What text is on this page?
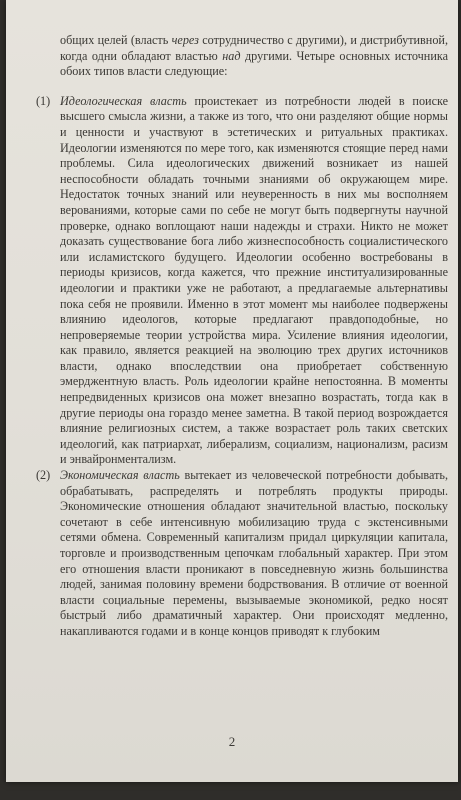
общих целей (власть через сотрудничество с другими), и дистрибутивной, когда одни обладают властью над другими. Четыре основных источника обоих типов власти следующие:

(1) Идеологическая власть проистекает из потребности людей в поиске высшего смысла жизни, а также из того, что они разделяют общие нормы и ценности и участвуют в эстетических и ритуальных практиках. Идеологии изменяются по мере того, как изменяются стоящие перед нами проблемы. Сила идеологических движений возникает из нашей неспособности обладать точными знаниями об окружающем мире. Недостаток точных знаний или неуверенность в них мы восполняем верованиями, которые сами по себе не могут быть подвергнуты научной проверке, однако воплощают наши надежды и страхи. Никто не может доказать существование бога либо жизнеспособность социалистического или исламистского будущего. Идеологии особенно востребованы в периоды кризисов, когда кажется, что прежние институализированные идеологии и практики уже не работают, а предлагаемые альтернативы пока себя не проявили. Именно в этот момент мы наиболее подвержены влиянию идеологов, которые предлагают правдоподобные, но непроверяемые теории устройства мира. Усиление влияния идеологии, как правило, является реакцией на эволюцию трех других источников власти, однако впоследствии она приобретает собственную эмерджентную власть. Роль идеологии крайне непостоянна. В моменты непредвиденных кризисов она может внезапно возрастать, тогда как в другие периоды она гораздо менее заметна. В такой период возрождается влияние религиозных систем, а также возрастает роль таких светских идеологий, как патриархат, либерализм, социализм, национализм, расизм и энвайронментализм.

(2) Экономическая власть вытекает из человеческой потребности добывать, обрабатывать, распределять и потреблять продукты природы. Экономические отношения обладают значительной властью, поскольку сочетают в себе интенсивную мобилизацию труда с экстенсивными сетями обмена. Современный капитализм придал циркуляции капитала, торговле и производственным цепочкам глобальный характер. При этом его отношения власти проникают в повседневную жизнь большинства людей, занимая половину времени бодрствования. В отличие от военной власти социальные перемены, вызываемые экономикой, редко носят быстрый либо драматичный характер. Они происходят медленно, накапливаются годами и в конце концов приводят к глубоким

2
